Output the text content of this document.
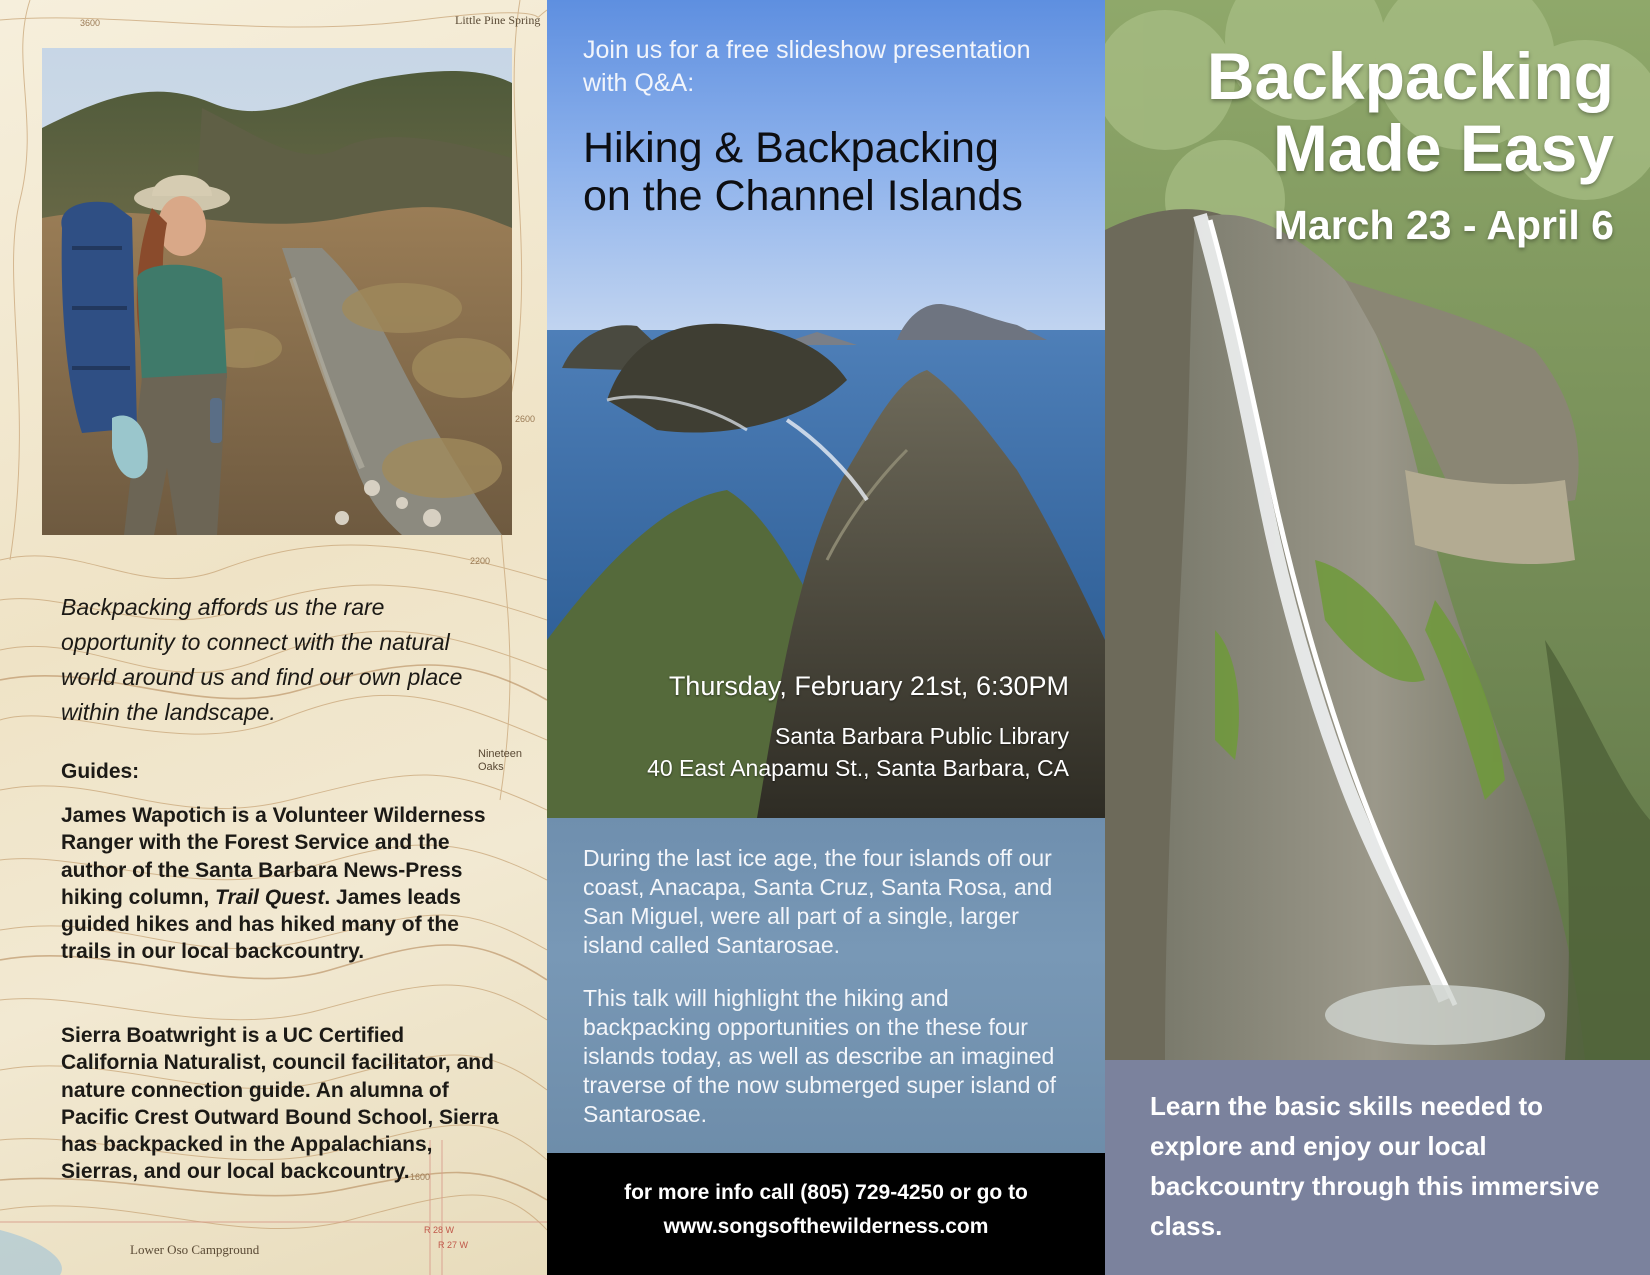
Little Pine Spring
Nineteen Oaks
Lower Oso Campground
3600
2600
2200
1600
R 28 W
R 27 W
Backpacking affords us the rare opportunity to connect with the natural world around us and find our own place within the landscape.
Guides:
James Wapotich is a Volunteer Wilderness Ranger with the Forest Service and the author of the Santa Barbara News-Press hiking column, Trail Quest. James leads guided hikes and has hiked many of the trails in our local backcountry.
Sierra Boatwright is a UC Certified California Naturalist, council facilitator, and nature connection guide. An alumna of Pacific Crest Outward Bound School, Sierra has backpacked in the Appalachians, Sierras, and our local backcountry.
Join us for a free slideshow presentation with Q&A:
Hiking & Backpacking
on the Channel Islands
Thursday, February 21st, 6:30PM
Santa Barbara Public Library
40 East Anapamu St., Santa Barbara, CA
During the last ice age, the four islands off our coast, Anacapa, Santa Cruz, Santa Rosa, and San Miguel, were all part of a single, larger island called Santarosae.
This talk will highlight the hiking and backpacking opportunities on the these four islands today, as well as describe an imagined traverse of the now submerged super island of Santarosae.
for more info call (805) 729-4250 or go to
www.songsofthewilderness.com
Backpacking
Made Easy
March 23 - April 6
Learn the basic skills needed to explore and enjoy our local backcountry through this immersive class.
